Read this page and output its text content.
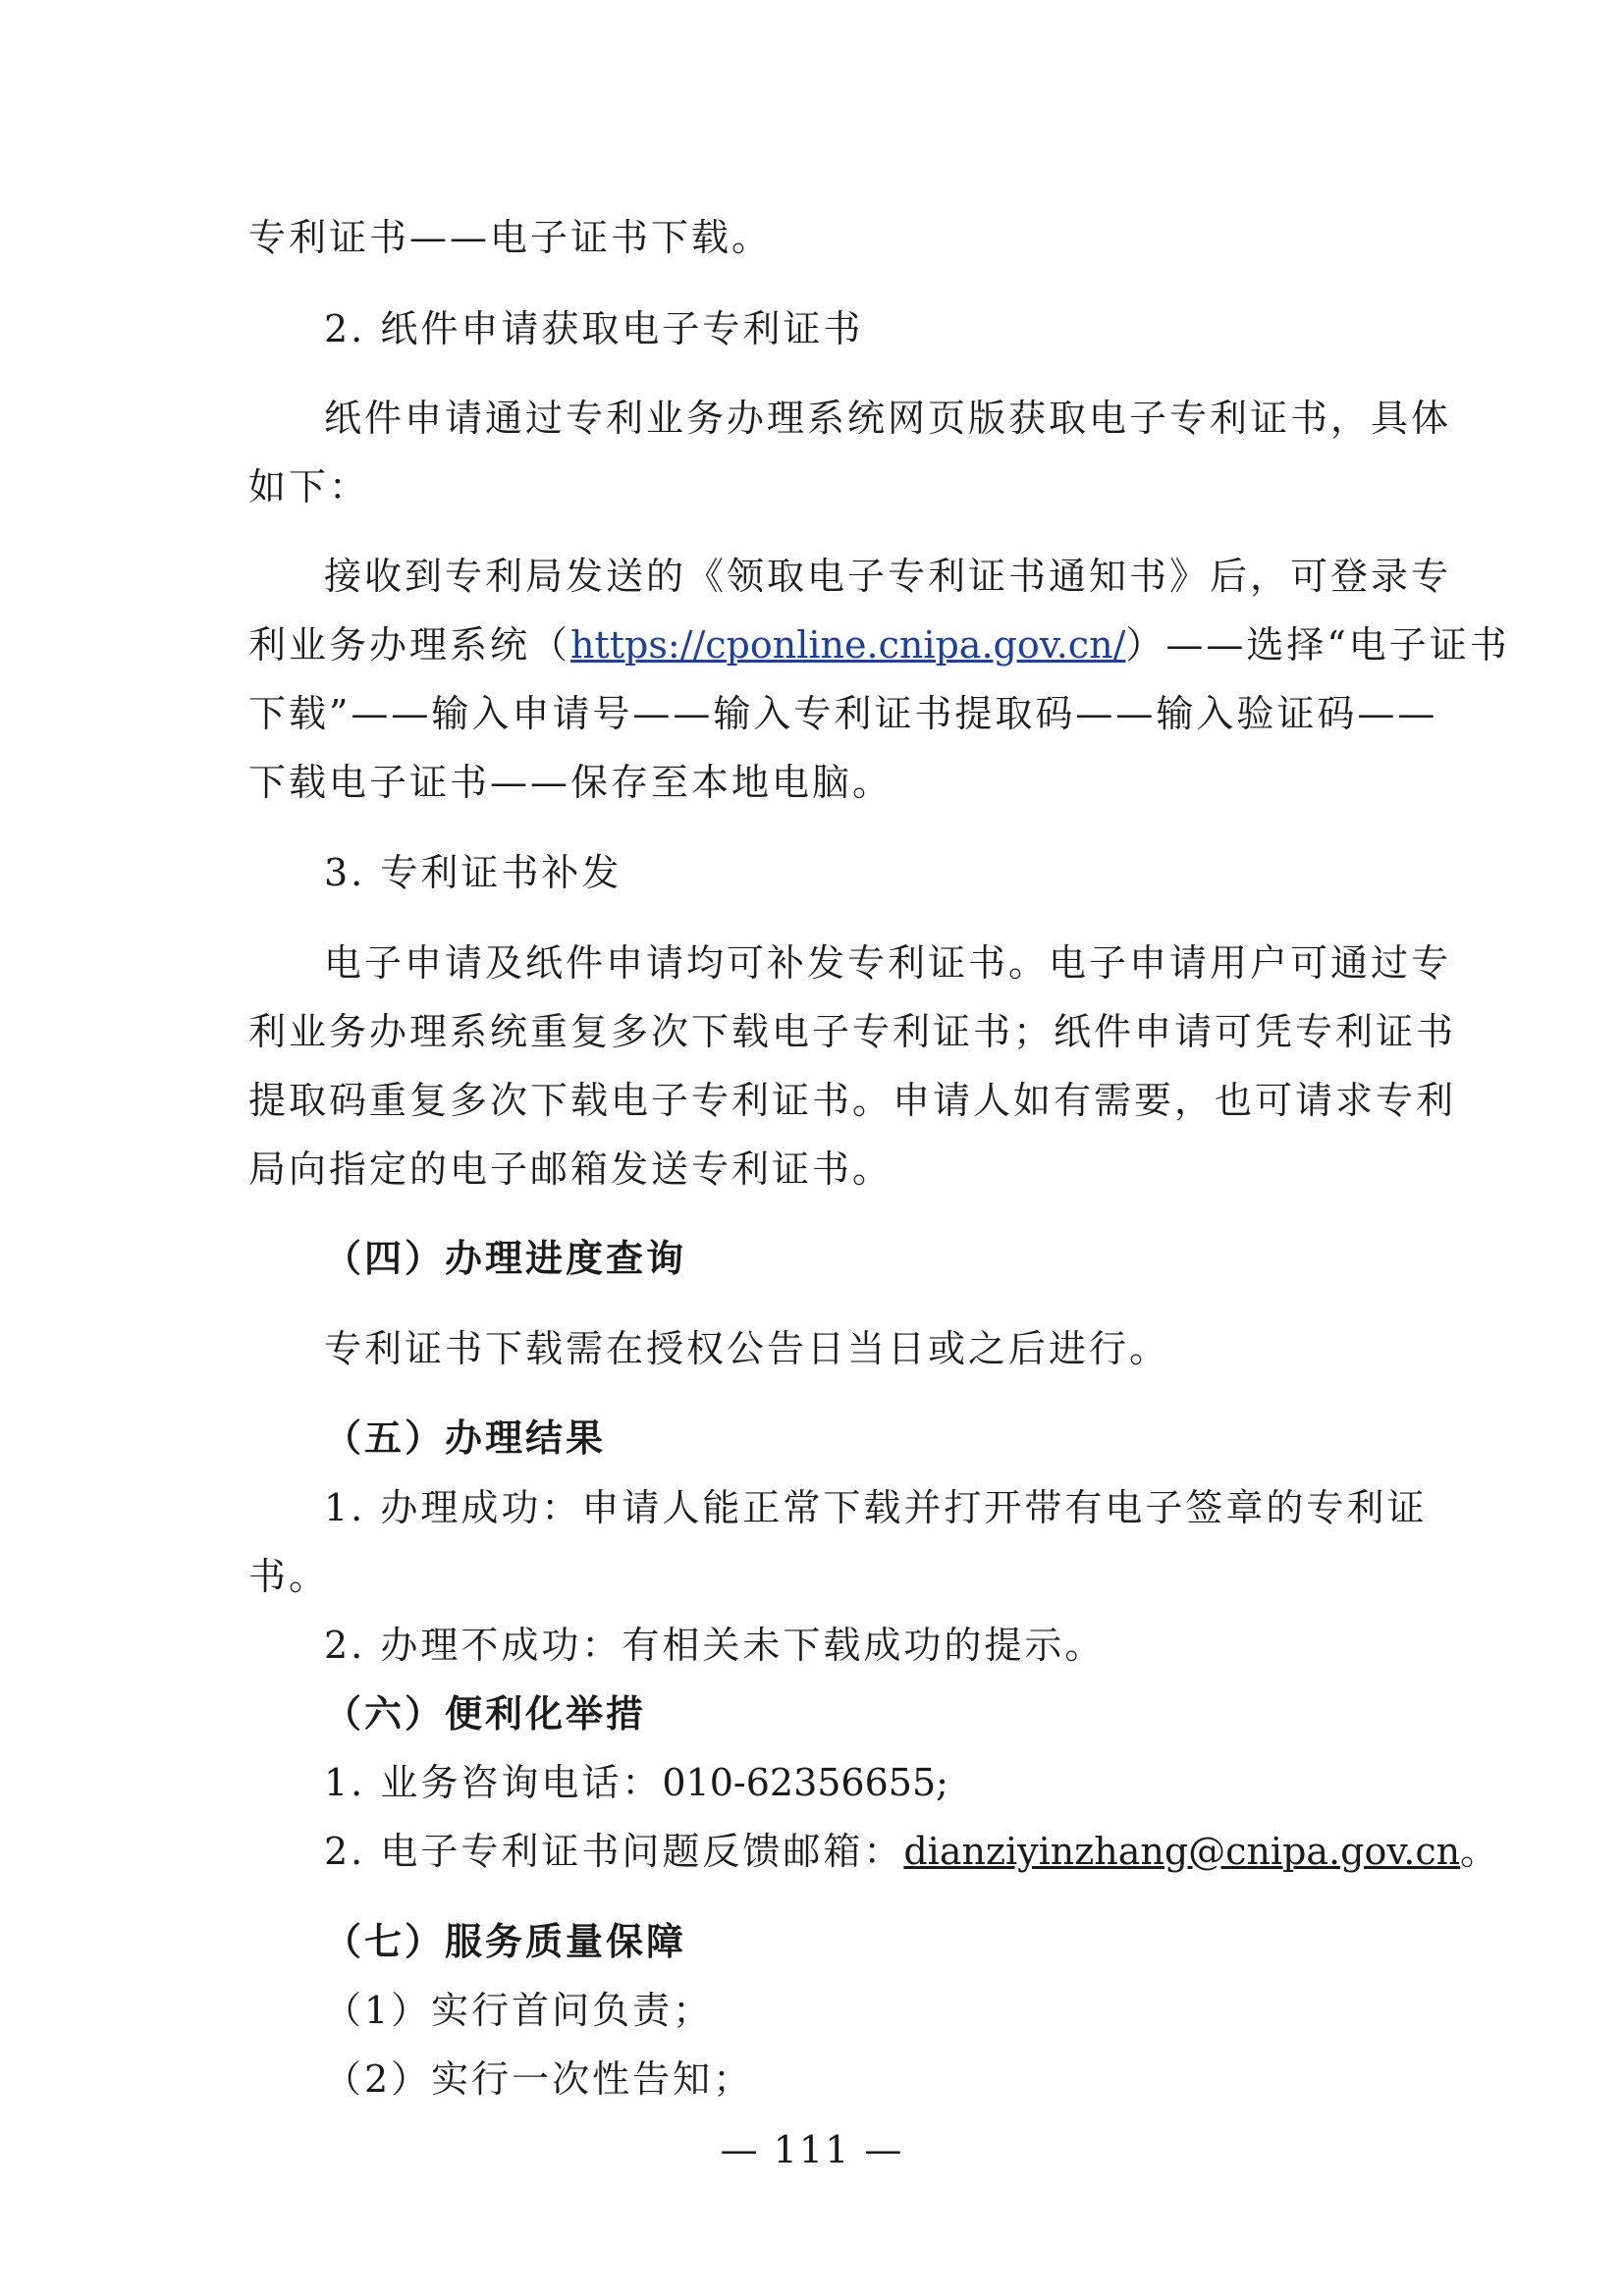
专利证书——电子证书下载。
2. 纸件申请获取电子专利证书
纸件申请通过专利业务办理系统网页版获取电子专利证书，具体
如下：
接收到专利局发送的《领取电子专利证书通知书》后，可登录专
利业务办理系统（https://cponline.cnipa.gov.cn/）——选择“电子证书
下载”——输入申请号——输入专利证书提取码——输入验证码——
下载电子证书——保存至本地电脑。
3. 专利证书补发
电子申请及纸件申请均可补发专利证书。电子申请用户可通过专
利业务办理系统重复多次下载电子专利证书；纸件申请可凭专利证书
提取码重复多次下载电子专利证书。申请人如有需要，也可请求专利
局向指定的电子邮箱发送专利证书。
（四）办理进度查询
专利证书下载需在授权公告日当日或之后进行。
（五）办理结果
1. 办理成功：申请人能正常下载并打开带有电子签章的专利证
书。
2. 办理不成功：有相关未下载成功的提示。
（六）便利化举措
1. 业务咨询电话：010-62356655;
2. 电子专利证书问题反馈邮箱：dianziyinzhang@cnipa.gov.cn。
（七）服务质量保障
（1）实行首问负责；
（2）实行一次性告知；
— 111 —
